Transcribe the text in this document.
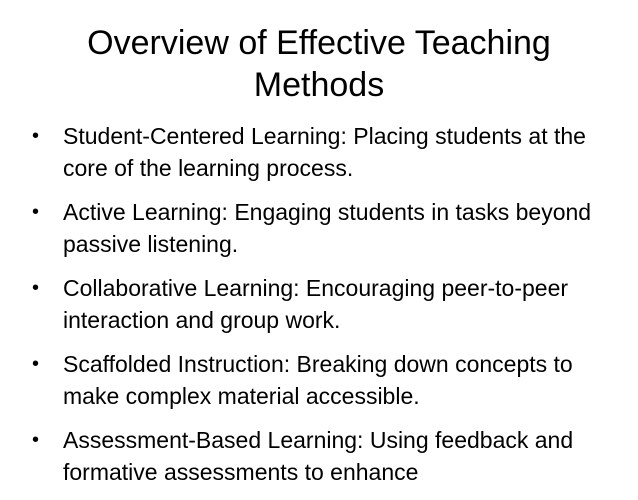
Overview of Effective Teaching Methods
• Student-Centered Learning: Placing students at the core of the learning process.
• Active Learning: Engaging students in tasks beyond passive listening.
• Collaborative Learning: Encouraging peer-to-peer interaction and group work.
• Scaffolded Instruction: Breaking down concepts to make complex material accessible.
• Assessment-Based Learning: Using feedback and formative assessments to enhance
